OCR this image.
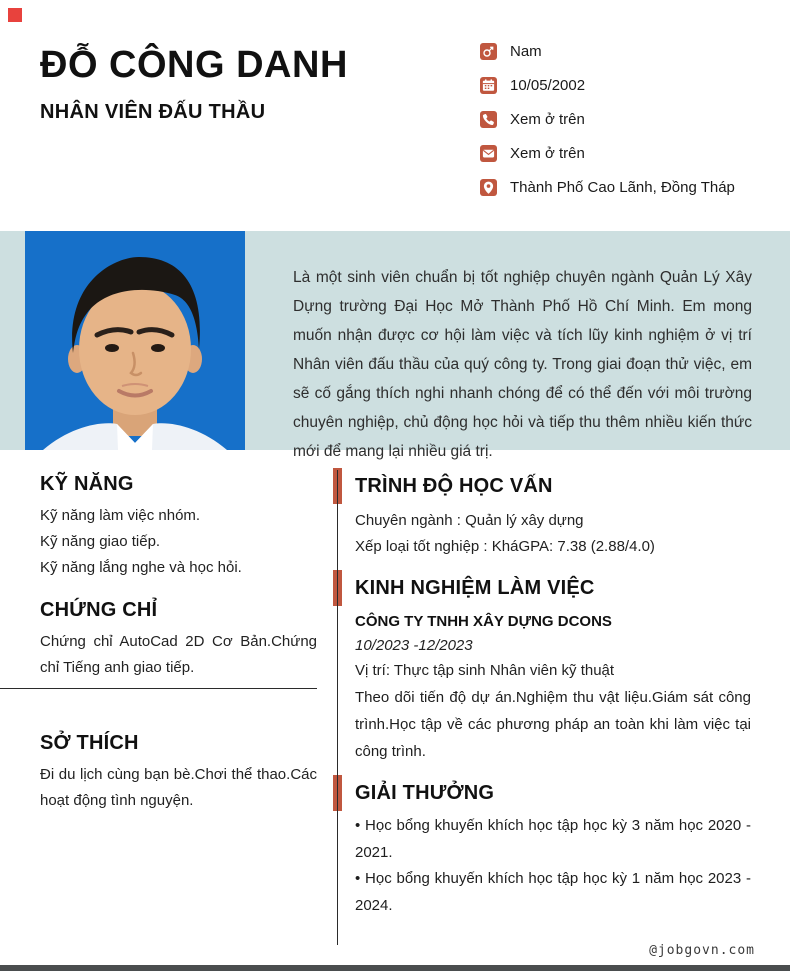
ĐỖ CÔNG DANH
NHÂN VIÊN ĐẤU THẦU
Nam
10/05/2002
Xem ở trên
Xem ở trên
Thành Phố Cao Lãnh, Đồng Tháp
Là một sinh viên chuẩn bị tốt nghiệp chuyên ngành Quản Lý Xây Dựng trường Đại Học Mở Thành Phố Hồ Chí Minh. Em mong muốn nhận được cơ hội làm việc và tích lũy kinh nghiệm ở vị trí Nhân viên đấu thầu của quý công ty. Trong giai đoạn thử việc, em sẽ cố gắng thích nghi nhanh chóng để có thể đến với môi trường chuyên nghiệp, chủ động học hỏi và tiếp thu thêm nhiều kiến thức mới để mang lại nhiều giá trị.
KỸ NĂNG
Kỹ năng làm việc nhóm.
Kỹ năng giao tiếp.
Kỹ năng lắng nghe và học hỏi.
CHỨNG CHỈ
Chứng chỉ AutoCad 2D Cơ Bản.Chứng chỉ Tiếng anh giao tiếp.
SỞ THÍCH
Đi du lịch cùng bạn bè.Chơi thể thao.Các hoạt động tình nguyện.
TRÌNH ĐỘ HỌC VẤN
Chuyên ngành : Quản lý xây dựng
Xếp loại tốt nghiệp : KháGPA: 7.38 (2.88/4.0)
KINH NGHIỆM LÀM VIỆC
CÔNG TY TNHH XÂY DỰNG DCONS
10/2023 -12/2023
Vị trí: Thực tập sinh Nhân viên kỹ thuật
Theo dõi tiến độ dự án.Nghiệm thu vật liệu.Giám sát công trình.Học tập về các phương pháp an toàn khi làm việc tại công trình.
GIẢI THƯỞNG
• Học bổng khuyến khích học tập học kỳ 3 năm học 2020 - 2021.
• Học bổng khuyến khích học tập học kỳ 1 năm học 2023 - 2024.
@jobgovn.com
